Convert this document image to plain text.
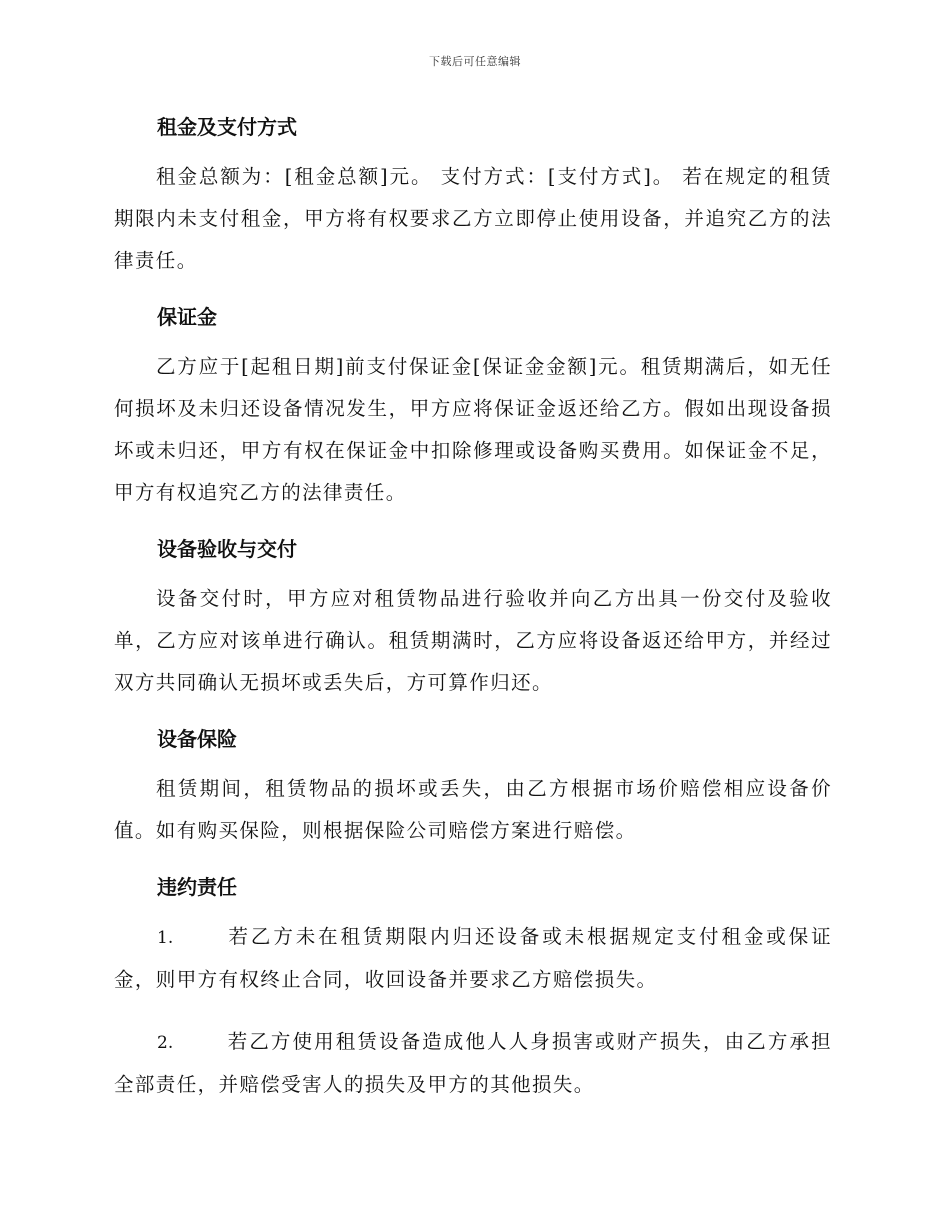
下载后可任意编辑
租金及支付方式

租金总额为：[租金总额]元。 支付方式：[支付方式]。 若在规定的租赁期限内未支付租金，甲方将有权要求乙方立即停止使用设备，并追究乙方的法律责任。

保证金

乙方应于[起租日期]前支付保证金[保证金金额]元。租赁期满后，如无任何损坏及未归还设备情况发生，甲方应将保证金返还给乙方。假如出现设备损坏或未归还，甲方有权在保证金中扣除修理或设备购买费用。如保证金不足，甲方有权追究乙方的法律责任。

设备验收与交付

设备交付时，甲方应对租赁物品进行验收并向乙方出具一份交付及验收单，乙方应对该单进行确认。租赁期满时，乙方应将设备返还给甲方，并经过双方共同确认无损坏或丢失后，方可算作归还。

设备保险

租赁期间，租赁物品的损坏或丢失，由乙方根据市场价赔偿相应设备价值。如有购买保险，则根据保险公司赔偿方案进行赔偿。

违约责任

1.	若乙方未在租赁期限内归还设备或未根据规定支付租金或保证金，则甲方有权终止合同，收回设备并要求乙方赔偿损失。

2.	若乙方使用租赁设备造成他人人身损害或财产损失，由乙方承担全部责任，并赔偿受害人的损失及甲方的其他损失。
